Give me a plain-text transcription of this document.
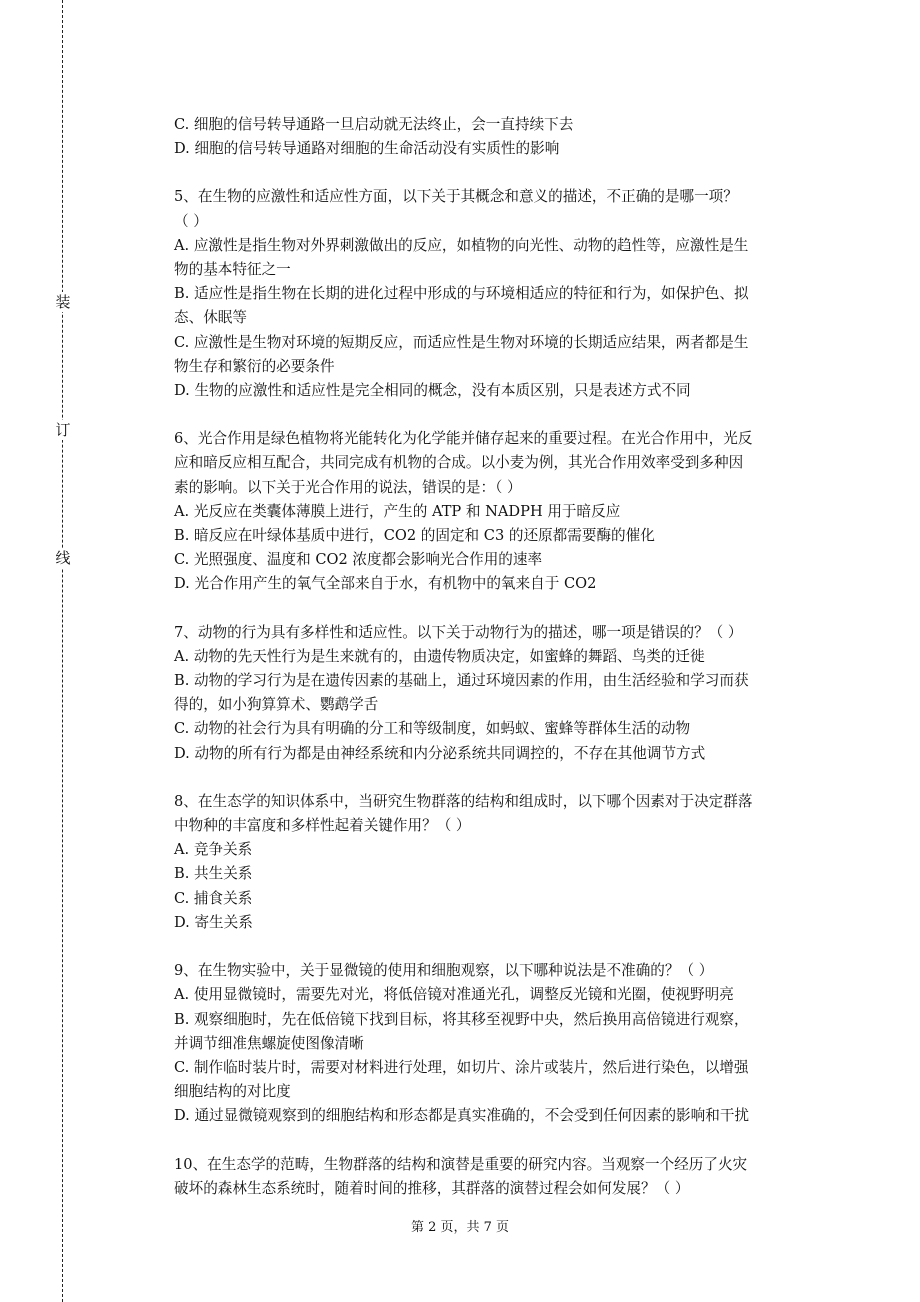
装
订
线
C. 细胞的信号转导通路一旦启动就无法终止，会一直持续下去
D. 细胞的信号转导通路对细胞的生命活动没有实质性的影响
5、在生物的应激性和适应性方面，以下关于其概念和意义的描述，不正确的是哪一项？
（ ）
A. 应激性是指生物对外界刺激做出的反应，如植物的向光性、动物的趋性等，应激性是生
物的基本特征之一
B. 适应性是指生物在长期的进化过程中形成的与环境相适应的特征和行为，如保护色、拟
态、休眠等
C. 应激性是生物对环境的短期反应，而适应性是生物对环境的长期适应结果，两者都是生
物生存和繁衍的必要条件
D. 生物的应激性和适应性是完全相同的概念，没有本质区别，只是表述方式不同
6、光合作用是绿色植物将光能转化为化学能并储存起来的重要过程。在光合作用中，光反
应和暗反应相互配合，共同完成有机物的合成。以小麦为例，其光合作用效率受到多种因
素的影响。以下关于光合作用的说法，错误的是：（ ）
A. 光反应在类囊体薄膜上进行，产生的 ATP 和 NADPH 用于暗反应
B. 暗反应在叶绿体基质中进行，CO2 的固定和 C3 的还原都需要酶的催化
C. 光照强度、温度和 CO2 浓度都会影响光合作用的速率
D. 光合作用产生的氧气全部来自于水，有机物中的氧来自于 CO2
7、动物的行为具有多样性和适应性。以下关于动物行为的描述，哪一项是错误的？（ ）
A. 动物的先天性行为是生来就有的，由遗传物质决定，如蜜蜂的舞蹈、鸟类的迁徙
B. 动物的学习行为是在遗传因素的基础上，通过环境因素的作用，由生活经验和学习而获
得的，如小狗算算术、鹦鹉学舌
C. 动物的社会行为具有明确的分工和等级制度，如蚂蚁、蜜蜂等群体生活的动物
D. 动物的所有行为都是由神经系统和内分泌系统共同调控的，不存在其他调节方式
8、在生态学的知识体系中，当研究生物群落的结构和组成时，以下哪个因素对于决定群落
中物种的丰富度和多样性起着关键作用？（ ）
A. 竞争关系
B. 共生关系
C. 捕食关系
D. 寄生关系
9、在生物实验中，关于显微镜的使用和细胞观察，以下哪种说法是不准确的？（ ）
A. 使用显微镜时，需要先对光，将低倍镜对准通光孔，调整反光镜和光圈，使视野明亮
B. 观察细胞时，先在低倍镜下找到目标，将其移至视野中央，然后换用高倍镜进行观察，
并调节细准焦螺旋使图像清晰
C. 制作临时装片时，需要对材料进行处理，如切片、涂片或装片，然后进行染色，以增强
细胞结构的对比度
D. 通过显微镜观察到的细胞结构和形态都是真实准确的，不会受到任何因素的影响和干扰
10、在生态学的范畴，生物群落的结构和演替是重要的研究内容。当观察一个经历了火灾
破坏的森林生态系统时，随着时间的推移，其群落的演替过程会如何发展？（ ）
第 2 页，共 7 页
